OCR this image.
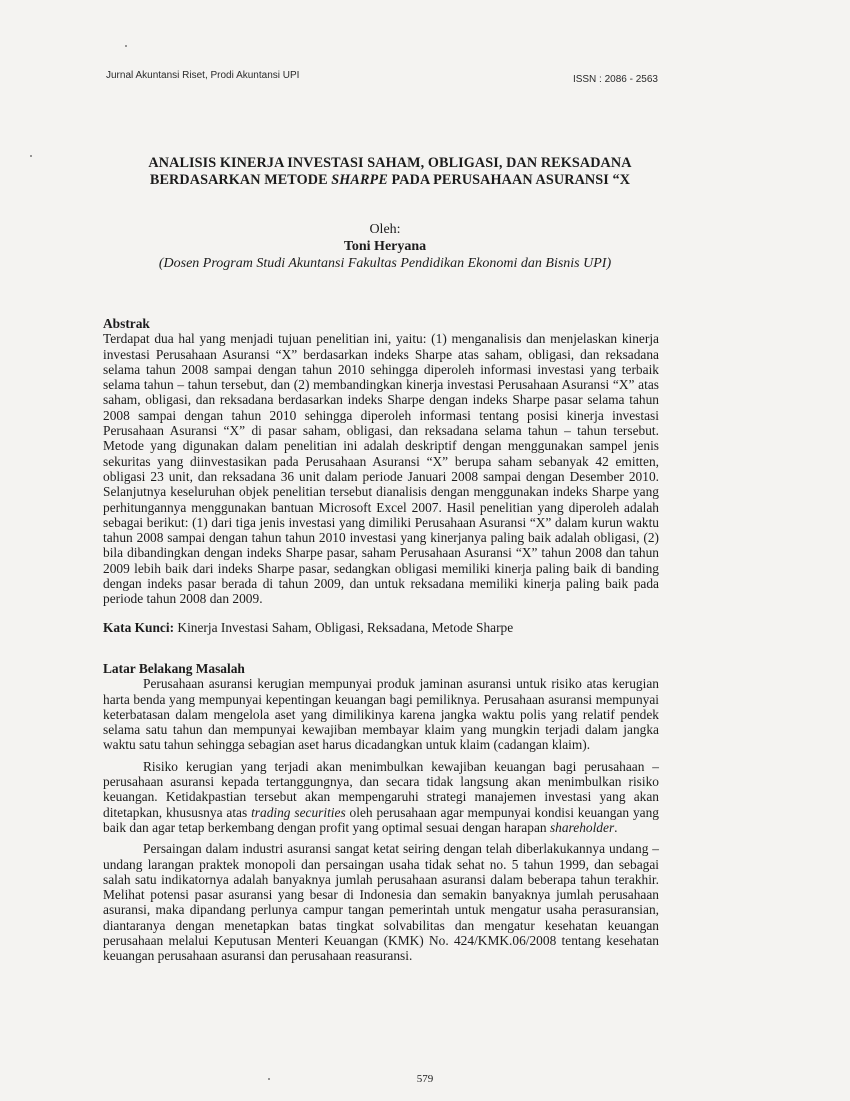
Jurnal Akuntansi Riset, Prodi Akuntansi UPI	ISSN : 2086 - 2563
ANALISIS KINERJA INVESTASI SAHAM, OBLIGASI, DAN REKSADANA
BERDASARKAN METODE SHARPE PADA PERUSAHAAN ASURANSI “X
Oleh:
Toni Heryana
(Dosen Program Studi Akuntansi Fakultas Pendidikan Ekonomi dan Bisnis UPI)
Abstrak

Terdapat dua hal yang menjadi tujuan penelitian ini, yaitu: (1) menganalisis dan menjelaskan kinerja investasi Perusahaan Asuransi “X” berdasarkan indeks Sharpe atas saham, obligasi, dan reksadana selama tahun 2008 sampai dengan tahun 2010 sehingga diperoleh informasi investasi yang terbaik selama tahun – tahun tersebut, dan (2) membandingkan kinerja investasi Perusahaan Asuransi “X” atas saham, obligasi, dan reksadana berdasarkan indeks Sharpe dengan indeks Sharpe pasar selama tahun 2008 sampai dengan tahun 2010 sehingga diperoleh informasi tentang posisi kinerja investasi Perusahaan Asuransi “X” di pasar saham, obligasi, dan reksadana selama tahun – tahun tersebut. Metode yang digunakan dalam penelitian ini adalah deskriptif dengan menggunakan sampel jenis sekuritas yang diinvestasikan pada Perusahaan Asuransi “X” berupa saham sebanyak 42 emitten, obligasi 23 unit, dan reksadana 36 unit dalam periode Januari 2008 sampai dengan Desember 2010. Selanjutnya keseluruhan objek penelitian tersebut dianalisis dengan menggunakan indeks Sharpe yang perhitungannya menggunakan bantuan Microsoft Excel 2007. Hasil penelitian yang diperoleh adalah sebagai berikut: (1) dari tiga jenis investasi yang dimiliki Perusahaan Asuransi “X” dalam kurun waktu tahun 2008 sampai dengan tahun tahun 2010 investasi yang kinerjanya paling baik adalah obligasi, (2) bila dibandingkan dengan indeks Sharpe pasar, saham Perusahaan Asuransi “X” tahun 2008 dan tahun 2009 lebih baik dari indeks Sharpe pasar, sedangkan obligasi memiliki kinerja paling baik di banding dengan indeks pasar berada di tahun 2009, dan untuk reksadana memiliki kinerja paling baik pada periode tahun 2008 dan 2009.

Kata Kunci: Kinerja Investasi Saham, Obligasi, Reksadana, Metode Sharpe
Latar Belakang Masalah

Perusahaan asuransi kerugian mempunyai produk jaminan asuransi untuk risiko atas kerugian harta benda yang mempunyai kepentingan keuangan bagi pemiliknya. Perusahaan asuransi mempunyai keterbatasan dalam mengelola aset yang dimilikinya karena jangka waktu polis yang relatif pendek selama satu tahun dan mempunyai kewajiban membayar klaim yang mungkin terjadi dalam jangka waktu satu tahun sehingga sebagian aset harus dicadangkan untuk klaim (cadangan klaim).

Risiko kerugian yang terjadi akan menimbulkan kewajiban keuangan bagi perusahaan – perusahaan asuransi kepada tertanggungnya, dan secara tidak langsung akan menimbulkan risiko keuangan. Ketidakpastian tersebut akan mempengaruhi strategi manajemen investasi yang akan ditetapkan, khususnya atas trading securities oleh perusahaan agar mempunyai kondisi keuangan yang baik dan agar tetap berkembang dengan profit yang optimal sesuai dengan harapan shareholder.

Persaingan dalam industri asuransi sangat ketat seiring dengan telah diberlakukannya undang – undang larangan praktek monopoli dan persaingan usaha tidak sehat no. 5 tahun 1999, dan sebagai salah satu indikatornya adalah banyaknya jumlah perusahaan asuransi dalam beberapa tahun terakhir. Melihat potensi pasar asuransi yang besar di Indonesia dan semakin banyaknya jumlah perusahaan asuransi, maka dipandang perlunya campur tangan pemerintah untuk mengatur usaha perasuransian, diantaranya dengan menetapkan batas tingkat solvabilitas dan mengatur kesehatan keuangan perusahaan melalui Keputusan Menteri Keuangan (KMK) No. 424/KMK.06/2008 tentang kesehatan keuangan perusahaan asuransi dan perusahaan reasuransi.

579
